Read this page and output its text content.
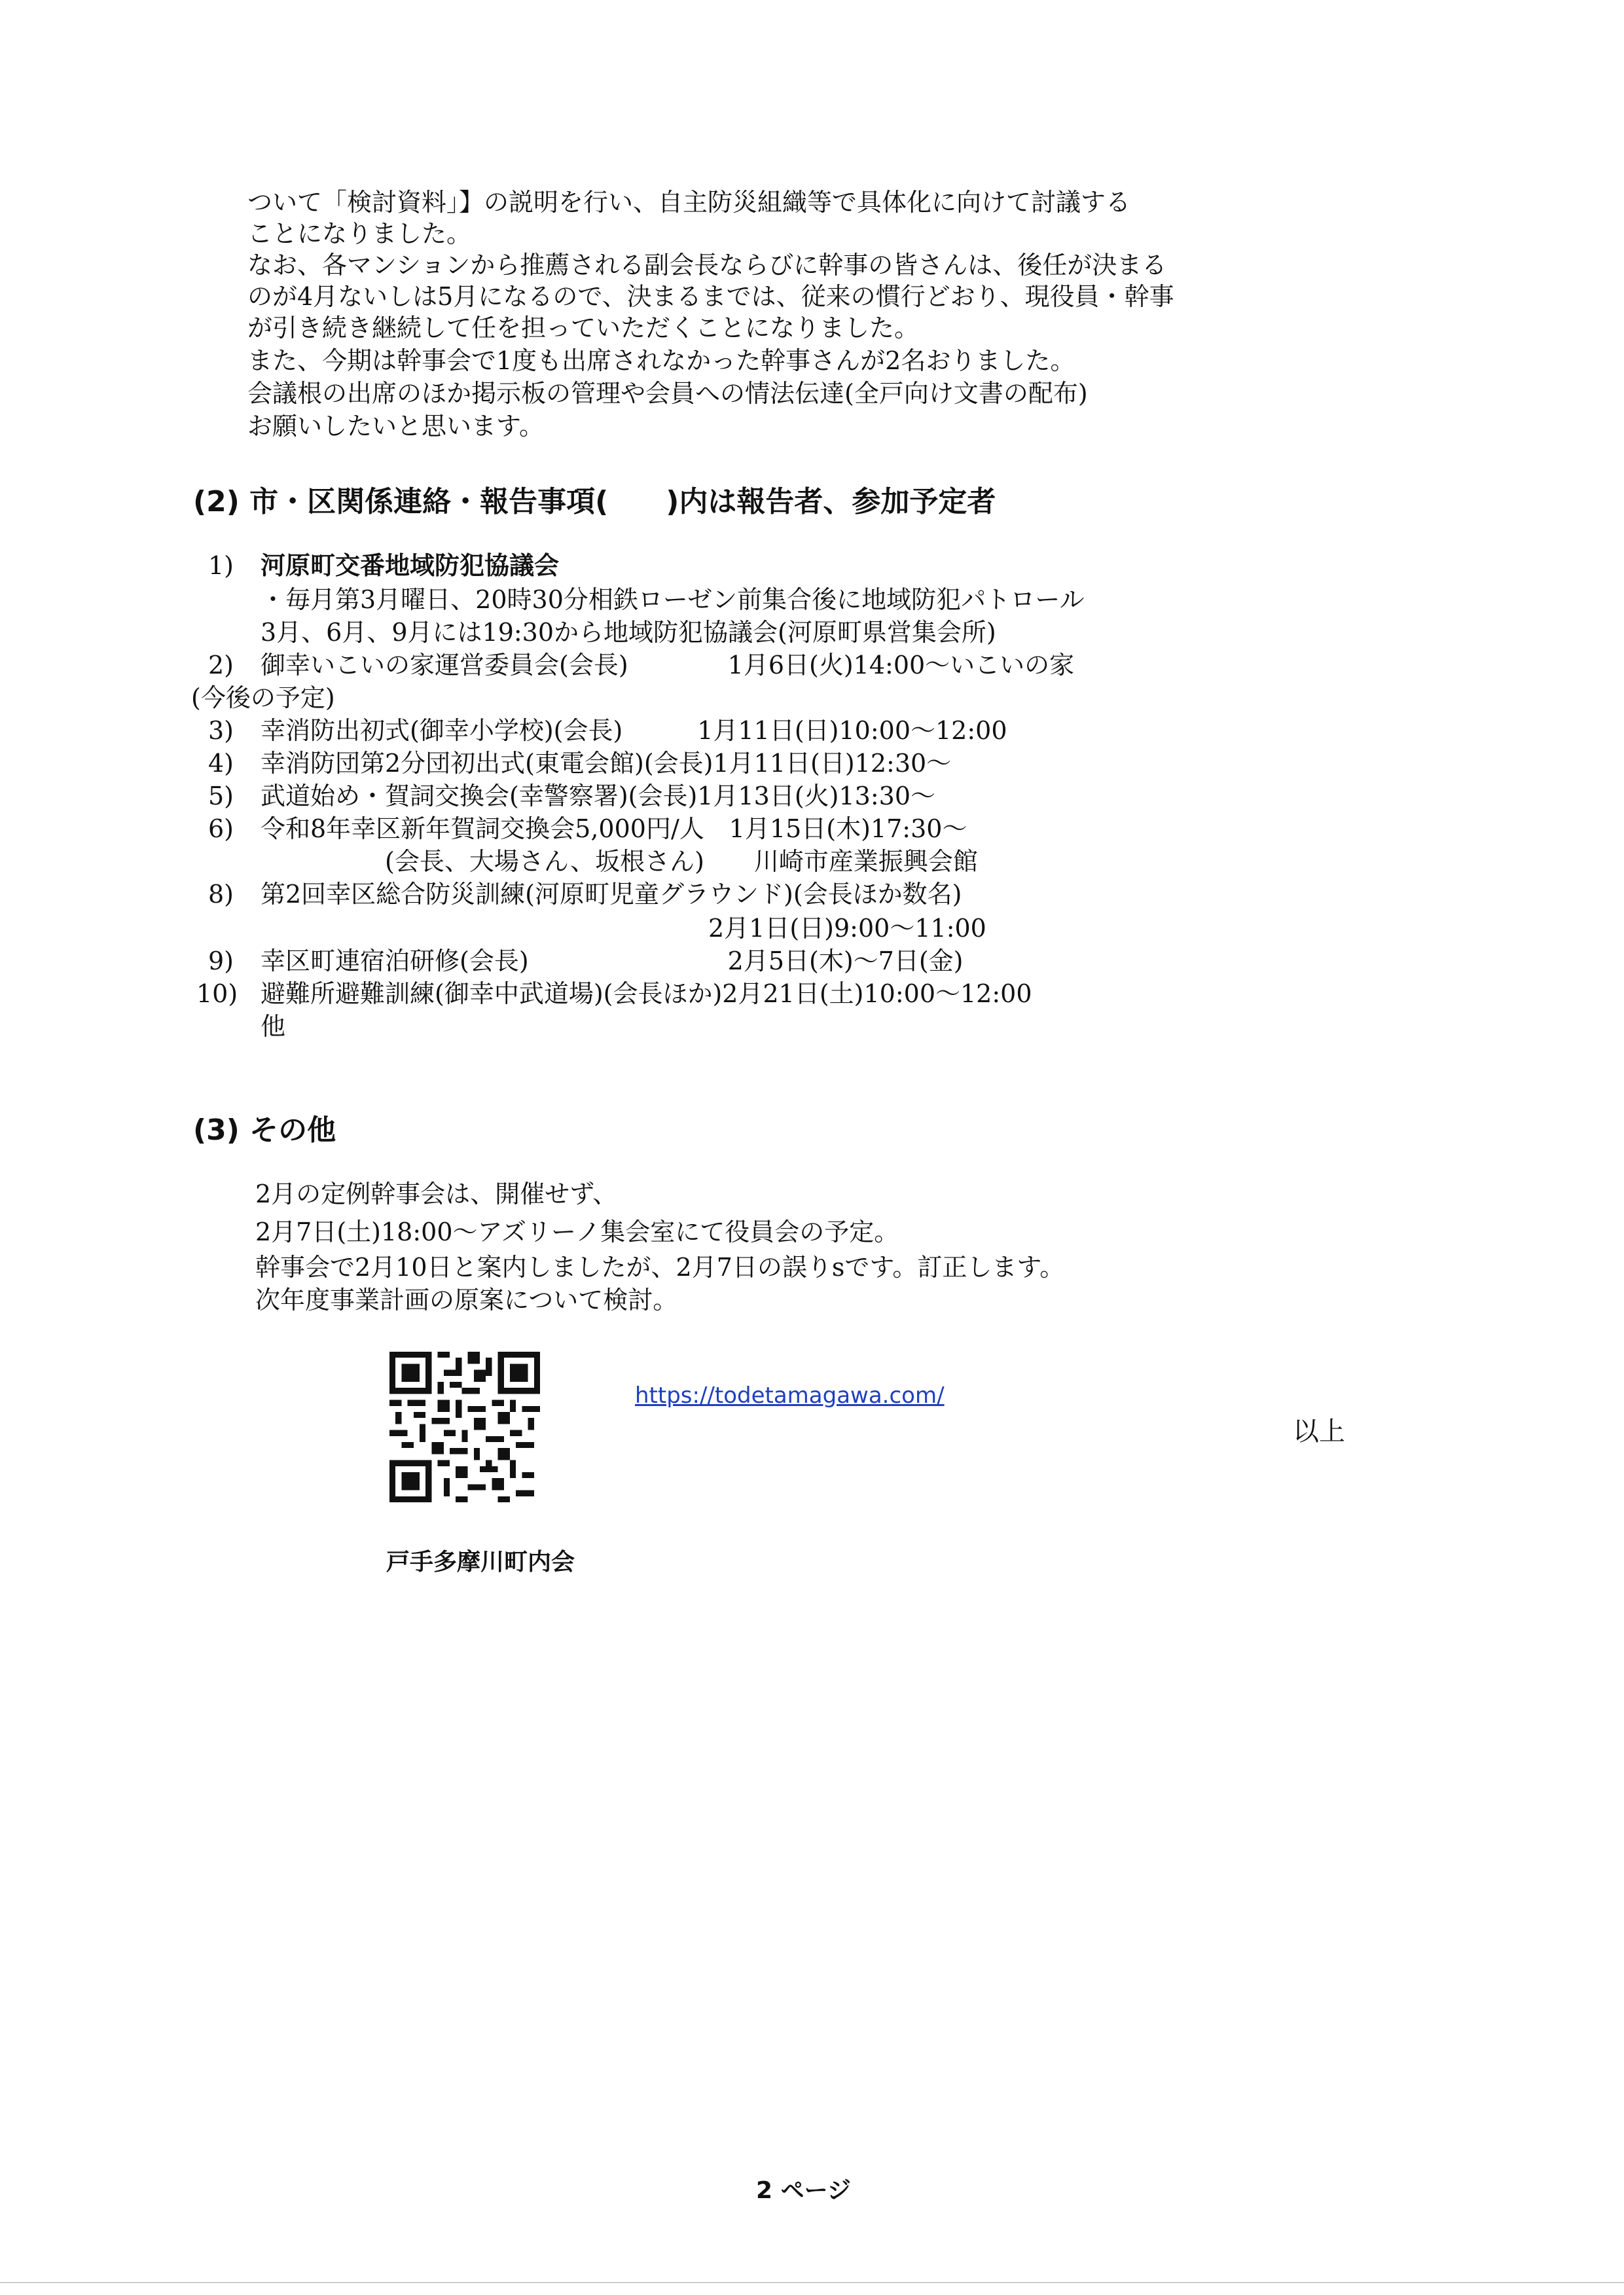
ついて「検討資料」】の説明を行い、自主防災組織等で具体化に向けて討議する
ことになりました。
なお、各マンションから推薦される副会長ならびに幹事の皆さんは、後任が決まる
のが4月ないしは5月になるので、決まるまでは、従来の慣行どおり、現役員・幹事
が引き続き継続して任を担っていただくことになりました。
また、今期は幹事会で1度も出席されなかった幹事さんが2名おりました。
会議根の出席のほか掲示板の管理や会員への情法伝達(全戸向け文書の配布)
お願いしたいと思います。
(2) 市・区関係連絡・報告事項(　　)内は報告者、参加予定者
1) 河原町交番地域防犯協議会
・毎月第3月曜日、20時30分相鉄ローゼン前集合後に地域防犯パトロール
3月、6月、9月には19:30から地域防犯協議会(河原町県営集会所)
2) 御幸いこいの家運営委員会(会長)　　　　1月6日(火)14:00～いこいの家
(今後の予定)
3) 幸消防出初式(御幸小学校)(会長)　　　1月11日(日)10:00～12:00
4) 幸消防団第2分団初出式(東電会館)(会長)1月11日(日)12:30～
5) 武道始め・賀詞交換会(幸警察署)(会長)1月13日(火)13:30～
6) 令和8年幸区新年賀詞交換会5,000円/人　1月15日(木)17:30～
　　　　　(会長、大場さん、坂根さん)　　川崎市産業振興会館
8) 第2回幸区総合防災訓練(河原町児童グラウンド)(会長ほか数名)
　　　　　　　　　　　　　　　　　　2月1日(日)9:00～11:00
9) 幸区町連宿泊研修(会長)　　　　　　　　2月5日(木)～7日(金)
10) 避難所避難訓練(御幸中武道場)(会長ほか)2月21日(土)10:00～12:00
他
(3) その他
2月の定例幹事会は、開催せず、
2月7日(土)18:00～アズリーノ集会室にて役員会の予定。
幹事会で2月10日と案内しましたが、2月7日の誤りsです。訂正します。
次年度事業計画の原案について検討。
https://todetamagawa.com/
以上
戸手多摩川町内会
2 ページ
